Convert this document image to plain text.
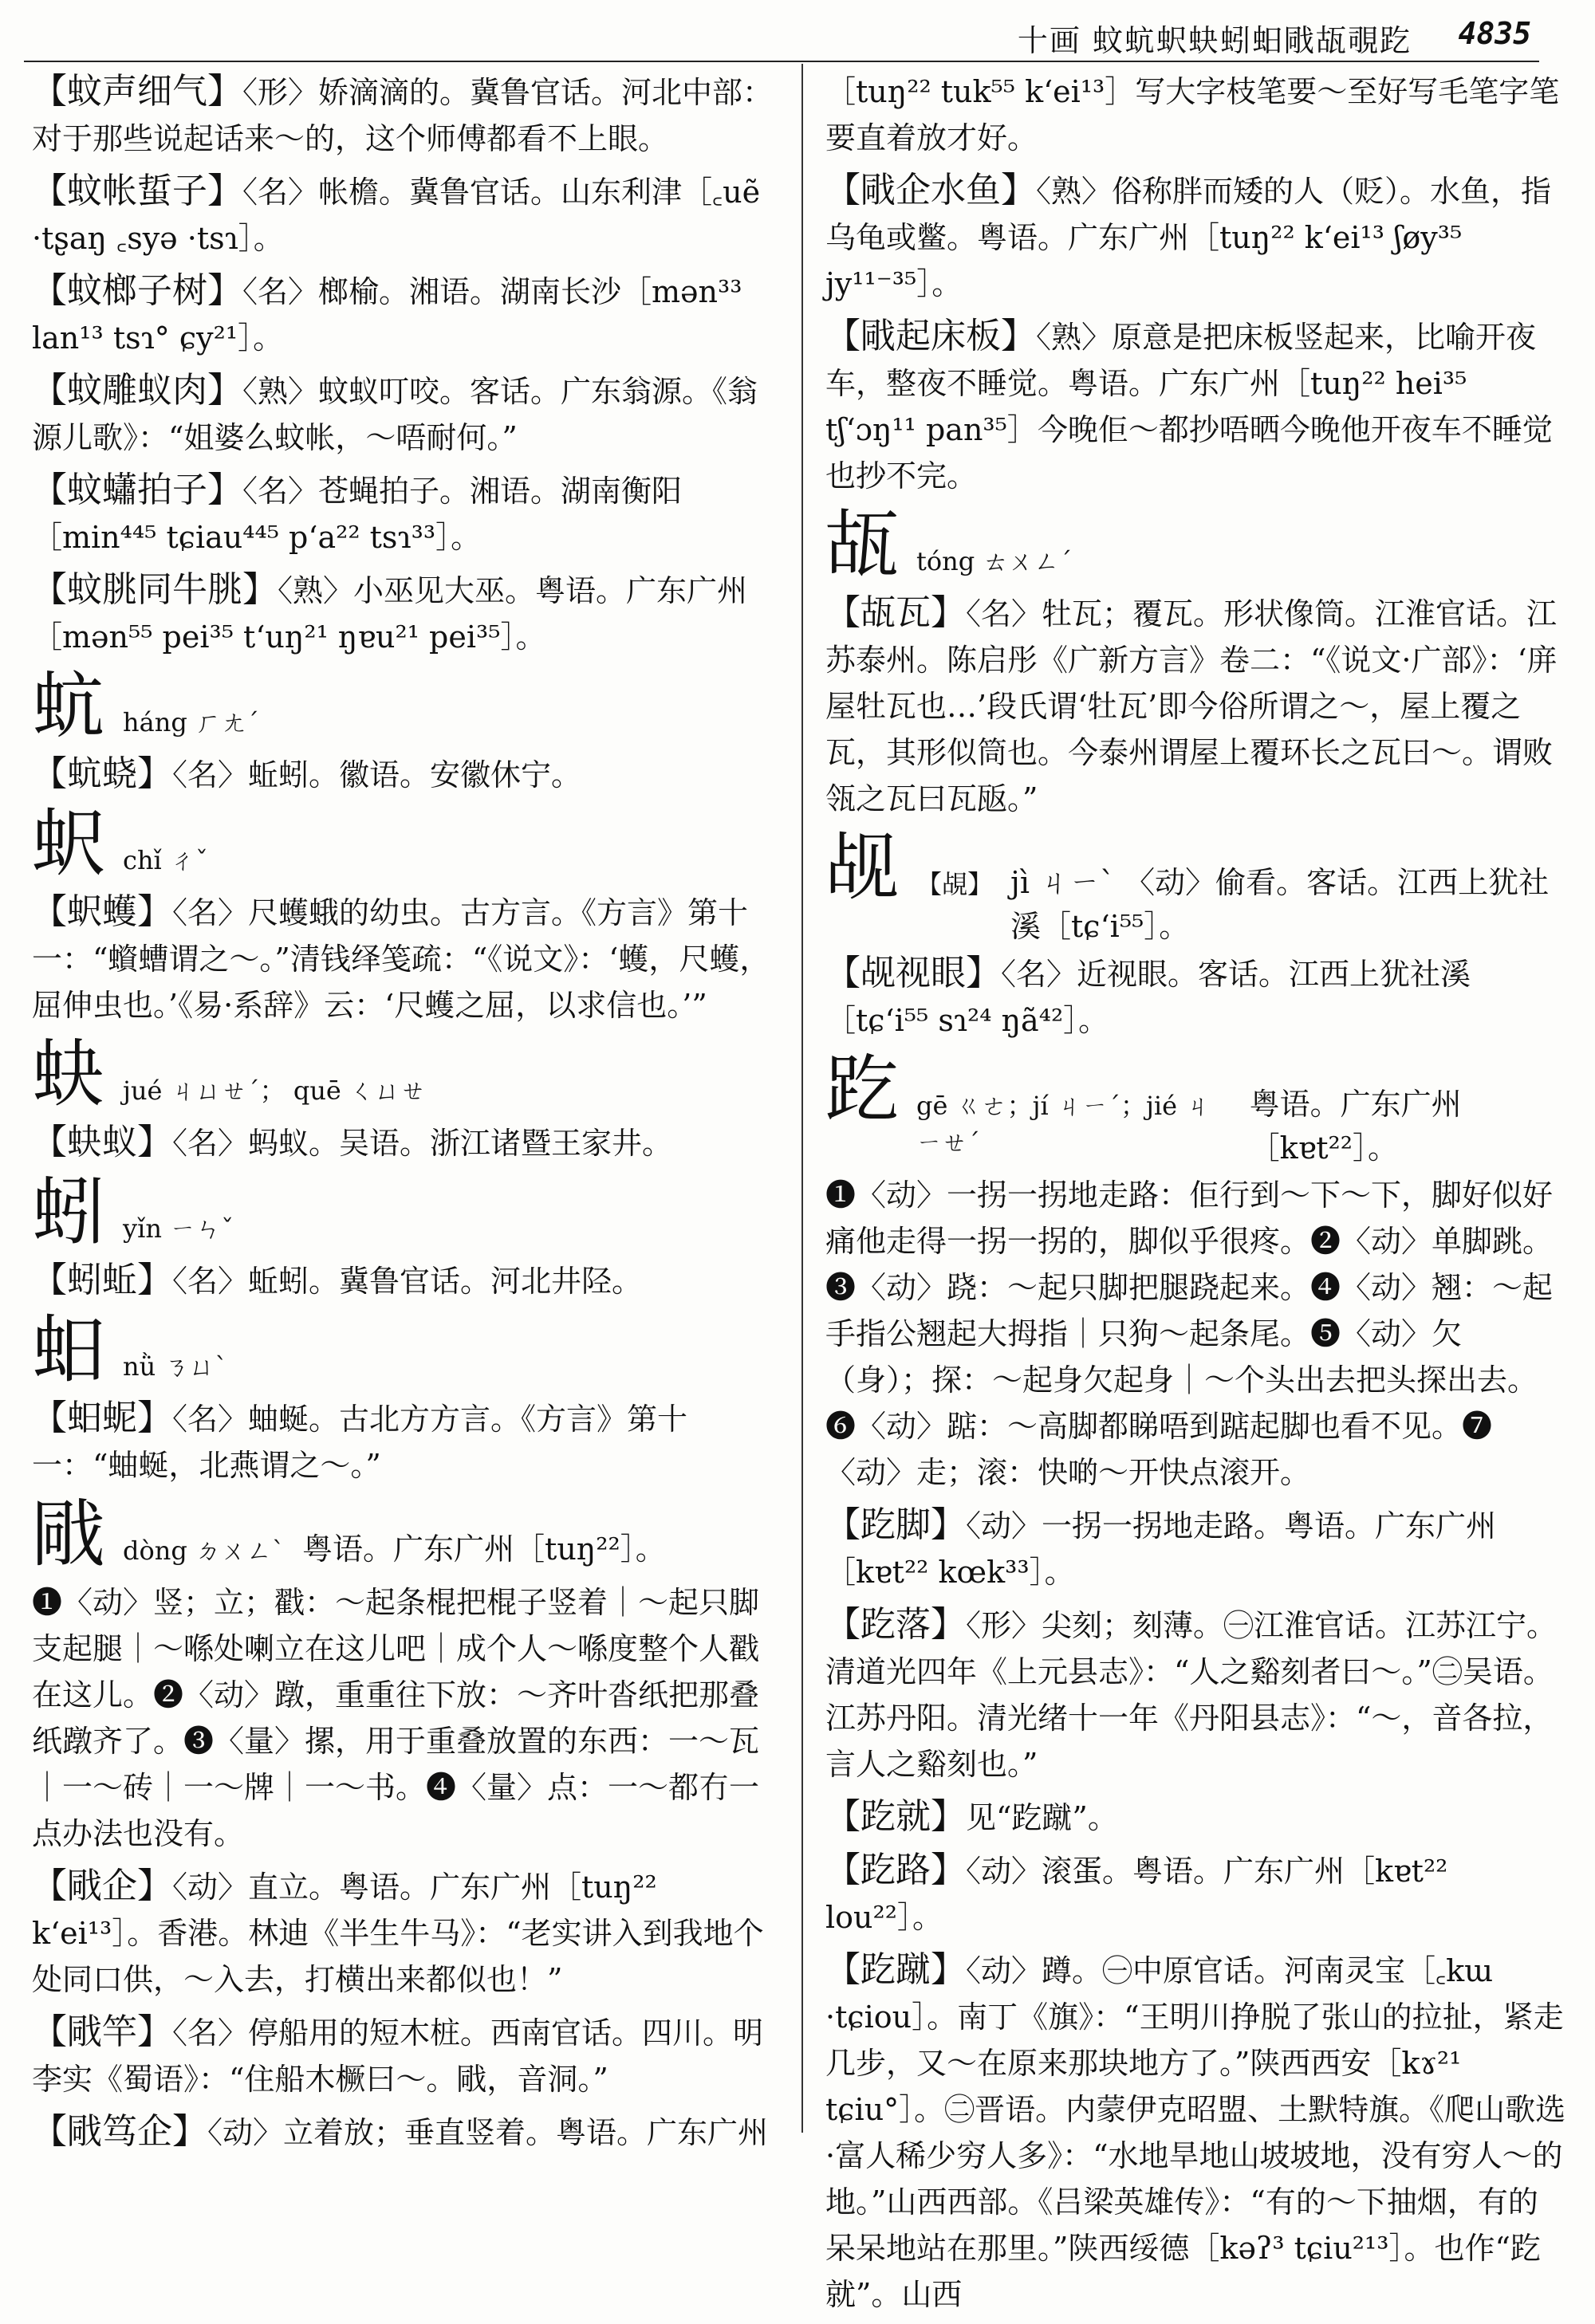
十画 蚊蚢蚇蚗蚓蚎戙瓳覗趷 4835
【蚊声细气】〈形〉娇滴滴的。冀鲁官话。河北中部：对于那些说起话来～的，这个师傅都看不上眼。
【蚊帐蜇子】〈名〉帐檐。冀鲁官话。山东利津［꜀uẽ ·tʂaŋ ꜀syə ·tsɿ］。
【蚊榔子树】〈名〉榔榆。湘语。湖南长沙［mən³³ lan¹³ tsɿ° ɕy²¹］。
【蚊雕蚁肉】〈熟〉蚊蚁叮咬。客话。广东翁源。《翁源儿歌》：“姐婆么蚊帐，～唔耐何。”
【蚊蠨拍子】〈名〉苍蝇拍子。湘语。湖南衡阳［min⁴⁴⁵ tɕiau⁴⁴⁵ pʻa²² tsɿ³³］。
【蚊朓同牛朓】〈熟〉小巫见大巫。粤语。广东广州［mən⁵⁵ pei³⁵ tʻuŋ²¹ ŋɐu²¹ pei³⁵］。
蚢 háng ㄏㄤˊ
【蚢蛲】〈名〉蚯蚓。徽语。安徽休宁。
蚇 chǐ ㄔˇ
【蚇蠖】〈名〉尺蠖蛾的幼虫。古方言。《方言》第十一：“蠀螬谓之～。”清钱绎笺疏：“《说文》：‘蠖，尺蠖，屈伸虫也。’《易·系辞》云：‘尺蠖之屈，以求信也。’”
蚗 jué ㄐㄩㄝˊ； quē ㄑㄩㄝ
【蚗蚁】〈名〉蚂蚁。吴语。浙江诸暨王家井。
蚓 yǐn ㄧㄣˇ
【蚓蚯】〈名〉蚯蚓。冀鲁官话。河北井陉。
蚎 nǜ ㄋㄩˋ
【蚎蚭】〈名〉蚰蜒。古北方方言。《方言》第十一：“蚰蜒，北燕谓之～。”
戙 dòng ㄉㄨㄥˋ 粤语。广东广州［tuŋ²²］。
❶〈动〉竖；立；戳：～起条棍把棍子竖着｜～起只脚支起腿｜～喺处喇立在这儿吧｜成个人～喺度整个人戳在这儿。❷〈动〉蹾，重重往下放：～齐叶沓纸把那叠纸蹾齐了。❸〈量〉摞，用于重叠放置的东西：一～瓦｜一～砖｜一～牌｜一～书。❹〈量〉点：一～都冇一点办法也没有。
【戙企】〈动〉直立。粤语。广东广州［tuŋ²² kʻei¹³］。香港。林迪《半生牛马》：“老实讲入到我地个处同口供，～入去，打横出来都似也！”
【戙竿】〈名〉停船用的短木桩。西南官话。四川。明李实《蜀语》：“住船木橛曰～。戙，音洞。”
【戙笃企】〈动〉立着放；垂直竖着。粤语。广东广州
［tuŋ²² tuk⁵⁵ kʻei¹³］写大字枝笔要～至好写毛笔字笔要直着放才好。
【戙企水鱼】〈熟〉俗称胖而矮的人（贬）。水鱼，指乌龟或鳖。粤语。广东广州［tuŋ²² kʻei¹³ ʃøy³⁵ jy¹¹⁻³⁵］。
【戙起床板】〈熟〉原意是把床板竖起来，比喻开夜车，整夜不睡觉。粤语。广东广州［tuŋ²² hei³⁵ tʃʻɔŋ¹¹ pan³⁵］今晚佢～都抄唔晒今晚他开夜车不睡觉也抄不完。
瓳 tóng ㄊㄨㄥˊ
【瓳瓦】〈名〉牡瓦；覆瓦。形状像筒。江淮官话。江苏泰州。陈启彤《广新方言》卷二：“《说文·广部》：‘庰屋牡瓦也…’段氏谓‘牡瓦’即今俗所谓之～，屋上覆之瓦，其形似筒也。今泰州谓屋上覆环长之瓦曰～。谓败瓴之瓦曰瓦瓪。”
觇 【覘】 jì ㄐㄧˋ 〈动〉偷看。客话。江西上犹社溪［tɕʻi⁵⁵］。
【觇视眼】〈名〉近视眼。客话。江西上犹社溪［tɕʻi⁵⁵ sɿ²⁴ ŋã⁴²］。
趷 gē ㄍㄜ；jí ㄐㄧˊ；jié ㄐㄧㄝˊ
粤语。广东广州［kɐt²²］。
❶〈动〉一拐一拐地走路：佢行到～下～下，脚好似好痛他走得一拐一拐的，脚似乎很疼。❷〈动〉单脚跳。❸〈动〉跷：～起只脚把腿跷起来。❹〈动〉翘：～起手指公翘起大拇指｜只狗～起条尾。❺〈动〉欠（身）；探：～起身欠起身｜～个头出去把头探出去。❻〈动〉踮：～高脚都睇唔到踮起脚也看不见。❼〈动〉走；滚：快啲～开快点滚开。
【趷脚】〈动〉一拐一拐地走路。粤语。广东广州［kɐt²² kœk³³］。
【趷落】〈形〉尖刻；刻薄。㊀江淮官话。江苏江宁。清道光四年《上元县志》：“人之谿刻者曰～。”㊁吴语。江苏丹阳。清光绪十一年《丹阳县志》：“～，音各拉，言人之谿刻也。”
【趷就】见“趷蹴”。
【趷路】〈动〉滚蛋。粤语。广东广州［kɐt²² lou²²］。
【趷蹴】〈动〉蹲。㊀中原官话。河南灵宝［꜀kɯ ·tɕiou］。南丁《旗》：“王明川挣脱了张山的拉扯，紧走几步，又～在原来那块地方了。”陕西西安［kɤ²¹ tɕiu°］。㊁晋语。内蒙伊克昭盟、土默特旗。《爬山歌选·富人稀少穷人多》：“水地旱地山坡坡地，没有穷人～的地。”山西西部。《吕梁英雄传》：“有的～下抽烟，有的呆呆地站在那里。”陕西绥德［kəʔ³ tɕiu²¹³］。也作“趷就”。山西
